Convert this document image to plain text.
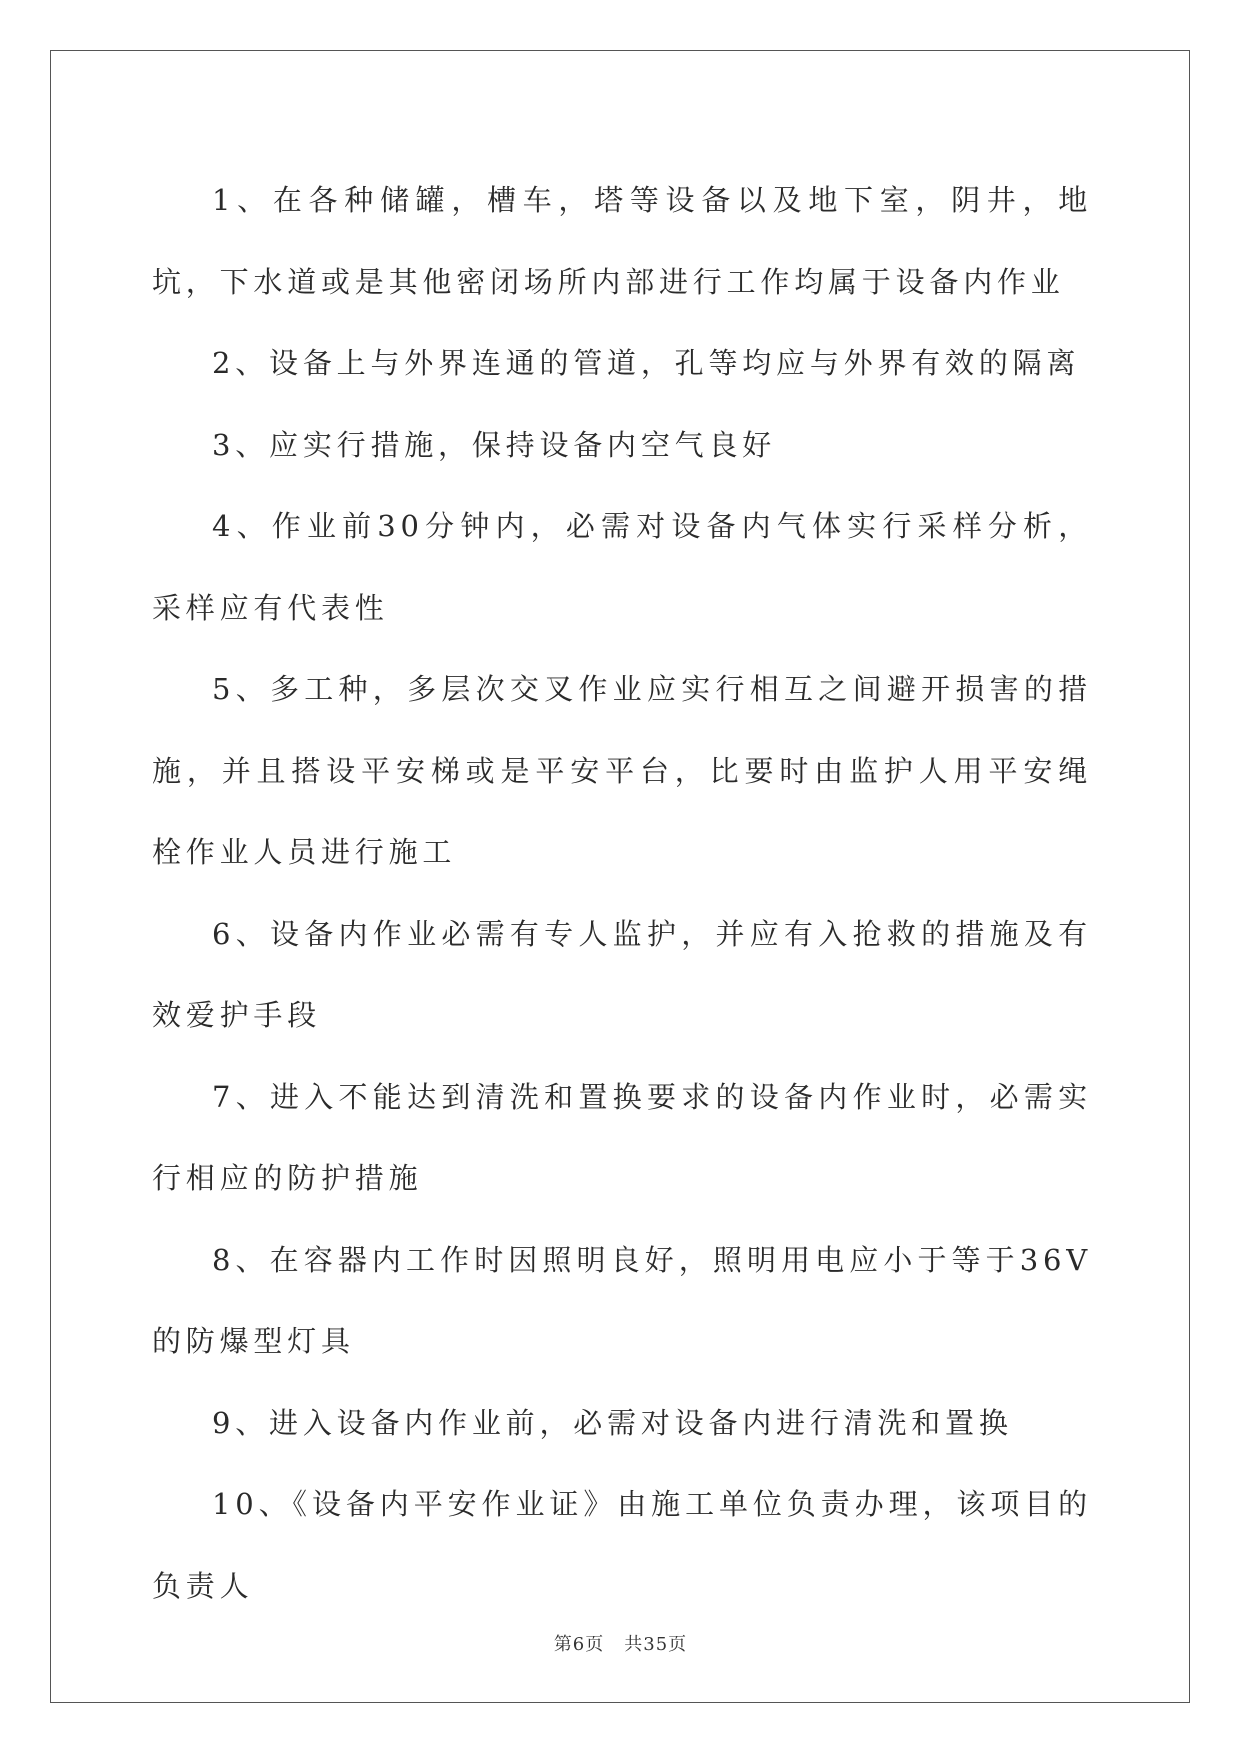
1、在各种储罐，槽车，塔等设备以及地下室，阴井，地坑，下水道或是其他密闭场所内部进行工作均属于设备内作业

2、设备上与外界连通的管道，孔等均应与外界有效的隔离

3、应实行措施，保持设备内空气良好

4、作业前30分钟内，必需对设备内气体实行采样分析，采样应有代表性

5、多工种，多层次交叉作业应实行相互之间避开损害的措施，并且搭设平安梯或是平安平台，比要时由监护人用平安绳栓作业人员进行施工

6、设备内作业必需有专人监护，并应有入抢救的措施及有效爱护手段

7、进入不能达到清洗和置换要求的设备内作业时，必需实行相应的防护措施

8、在容器内工作时因照明良好，照明用电应小于等于36V的防爆型灯具

9、进入设备内作业前，必需对设备内进行清洗和置换

10、《设备内平安作业证》由施工单位负责办理，该项目的负责人

第6页 共35页
